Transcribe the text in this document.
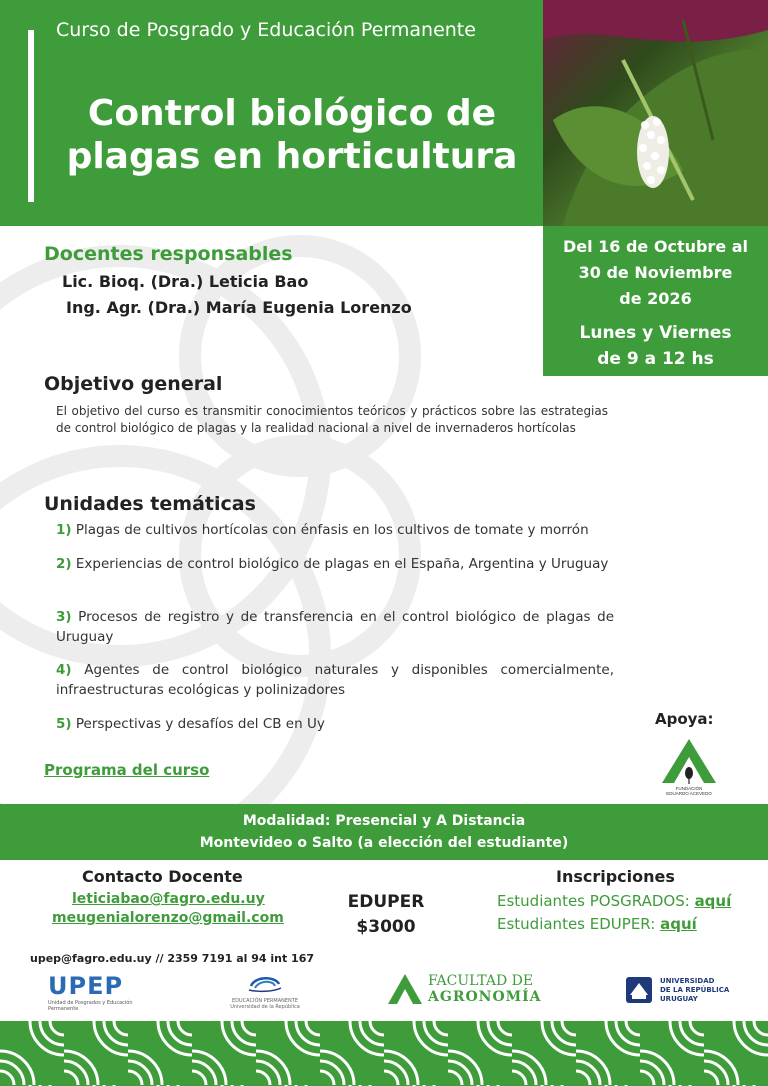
Curso de Posgrado y Educación Permanente
Control biológico de
plagas en horticultura
Del 16 de Octubre al
30 de Noviembre
de 2026
Lunes y Viernes
de 9 a 12 hs
Docentes responsables
Lic. Bioq. (Dra.) Leticia Bao
Ing. Agr. (Dra.) María Eugenia Lorenzo
Objetivo general
El objetivo del curso es transmitir conocimientos teóricos y prácticos sobre las estrategias de control biológico de plagas y la realidad nacional a nivel de invernaderos hortícolas
Unidades temáticas
1) Plagas de cultivos hortícolas con énfasis en los cultivos de tomate y morrón
2) Experiencias de control biológico de plagas en el España, Argentina y Uruguay
3) Procesos de registro y de transferencia en el control biológico de plagas de Uruguay
4) Agentes de control biológico naturales y disponibles comercialmente, infraestructuras ecológicas y polinizadores
5) Perspectivas y desafíos del CB en Uy
Programa del curso
Apoya:
FUNDACIÓN
EDUARDO ACEVEDO
Modalidad: Presencial y A Distancia
Montevideo o Salto (a elección del estudiante)
Contacto Docente
leticiabao@fagro.edu.uy
meugenialorenzo@gmail.com
EDUPER
$3000
Inscripciones
Estudiantes POSGRADOS: aquí
Estudiantes EDUPER: aquí
upep@fagro.edu.uy // 2359 7191 al 94 int 167
UPEP
Unidad de Posgrados y Educación Permanente
EDUCACIÓN PERMANENTE
Universidad de la República
FACULTAD DE
AGRONOMÍA
UNIVERSIDAD
DE LA REPÚBLICA
URUGUAY
